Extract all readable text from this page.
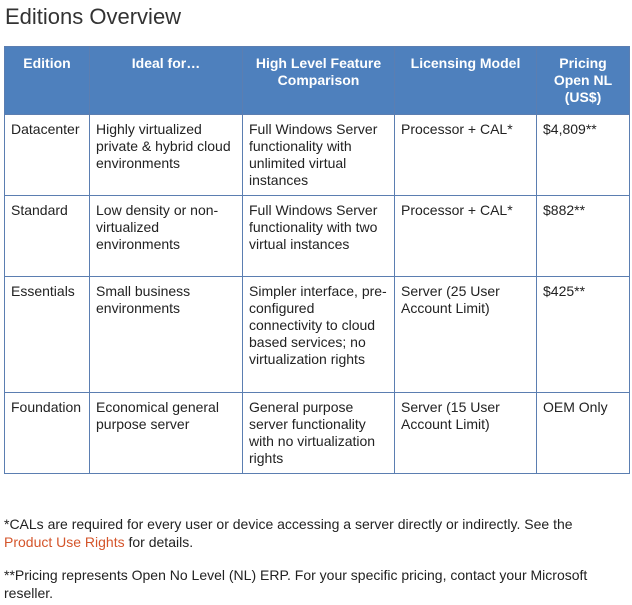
Editions Overview
Edition	Ideal for…	High Level Feature Comparison	Licensing Model	Pricing Open NL (US$)
Datacenter	Highly virtualized private & hybrid cloud environments	Full Windows Server functionality with unlimited virtual instances	Processor + CAL*	$4,809**
Standard	Low density or non-virtualized environments	Full Windows Server functionality with two virtual instances	Processor + CAL*	$882**
Essentials	Small business environments	Simpler interface, pre-configured connectivity to cloud based services; no virtualization rights	Server (25 User Account Limit)	$425**
Foundation	Economical general purpose server	General purpose server functionality with no virtualization rights	Server (15 User Account Limit)	OEM Only

*CALs are required for every user or device accessing a server directly or indirectly. See the Product Use Rights for details.

**Pricing represents Open No Level (NL) ERP. For your specific pricing, contact your Microsoft reseller.
